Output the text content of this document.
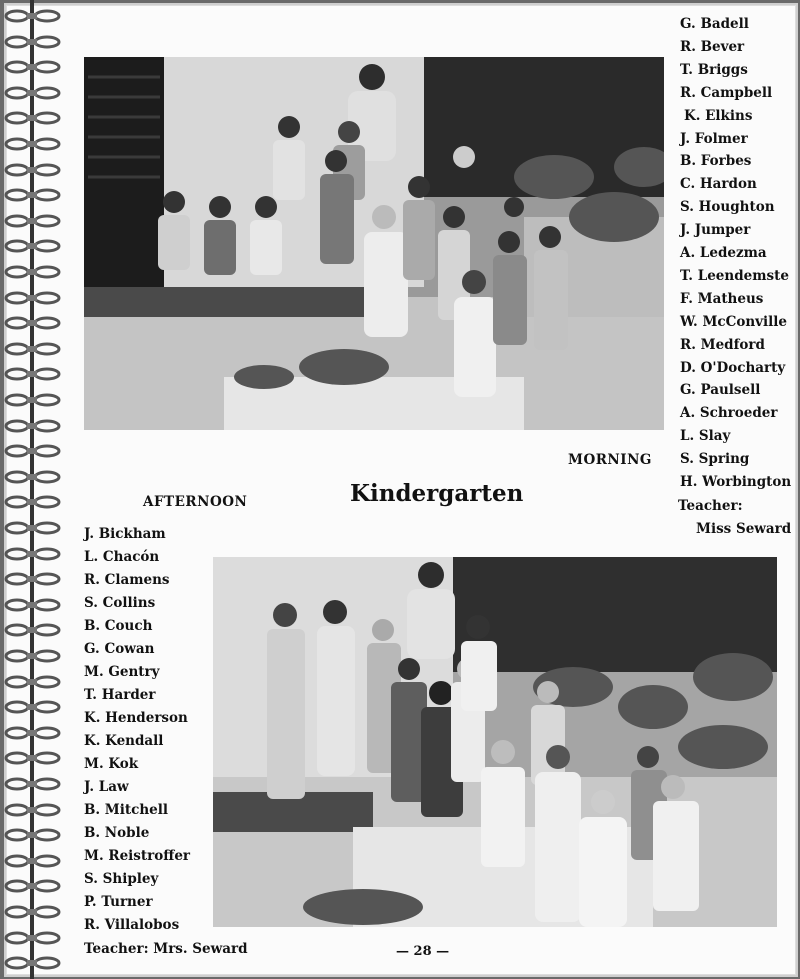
G. Badell
R. Bever
T. Briggs
R. Campbell
K. Elkins
J. Folmer
B. Forbes
C. Hardon
S. Houghton
J. Jumper
A. Ledezma
T. Leendemste
F. Matheus
W. McConville
R. Medford
D. O'Docharty
G. Paulsell
A. Schroeder
L. Slay
S. Spring
H. Worbington
MORNING
Kindergarten
AFTERNOON	Teacher:
Miss Seward
J. Bickham
L. Chacón
R. Clamens
S. Collins
B. Couch
G. Cowan
M. Gentry
T. Harder
K. Henderson
K. Kendall
M. Kok
J. Law
B. Mitchell
B. Noble
M. Reistroffer
S. Shipley
P. Turner
R. Villalobos
Teacher: Mrs. Seward	— 28 —
